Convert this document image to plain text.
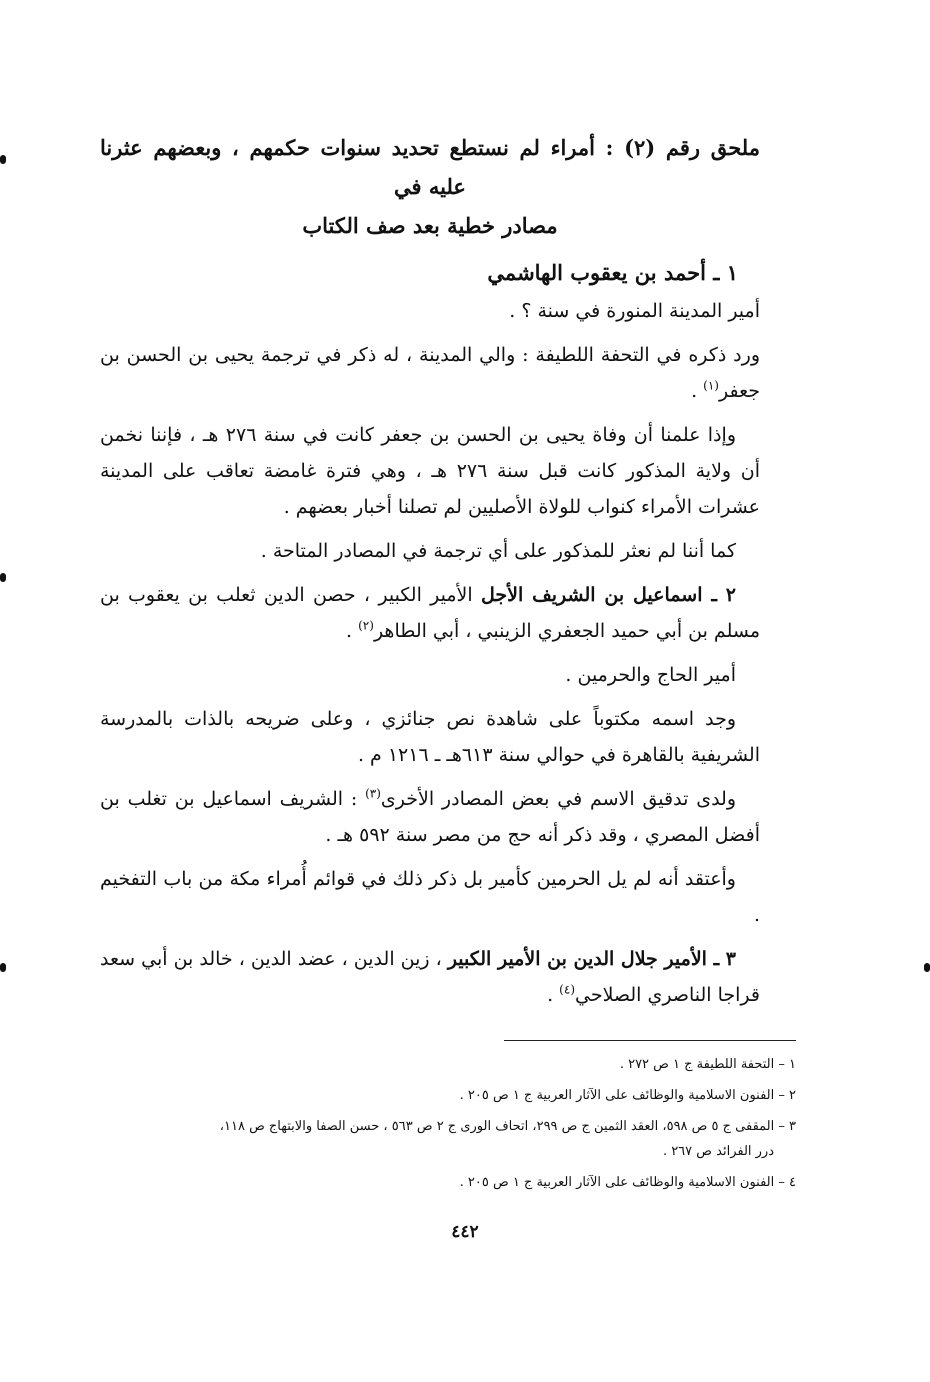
ملحق رقم (٢) : أمراء لم نستطع تحديد سنوات حكمهم ، وبعضهم عثرنا عليه في
مصادر خطية بعد صف الكتاب
١ ـ أحمد بن يعقوب الهاشمي

أمير المدينة المنورة في سنة ؟ .

ورد ذكره في التحفة اللطيفة : والي المدينة ، له ذكر في ترجمة يحيى بن الحسن بن جعفر$^{(١)}$ .

وإذا علمنا أن وفاة يحيى بن الحسن بن جعفر كانت في سنة ٢٧٦ هـ ، فإننا نخمن أن ولاية المذكور كانت قبل سنة ٢٧٦ هـ ، وهي فترة غامضة تعاقب على المدينة عشرات الأمراء كنواب للولاة الأصليين لم تصلنا أخبار بعضهم .

كما أننا لم نعثر للمذكور على أي ترجمة في المصادر المتاحة .

٢ ـ اسماعيل بن الشريف الأجل الأمير الكبير ، حصن الدين ثعلب بن يعقوب بن مسلم بن أبي حميد الجعفري الزينبي ، أبي الطاهر$^{(٢)}$ .

أمير الحاج والحرمين .

وجد اسمه مكتوباً على شاهدة نص جنائزي ، وعلى ضريحه بالذات بالمدرسة الشريفية بالقاهرة في حوالي سنة ٦١٣هـ ـ ١٢١٦ م .

ولدى تدقيق الاسم في بعض المصادر الأخرى$^{(٣)}$ : الشريف اسماعيل بن تغلب بن أفضل المصري ، وقد ذكر أنه حج من مصر سنة ٥٩٢ هـ .

وأعتقد أنه لم يل الحرمين كأمير بل ذكر ذلك في قوائم أُمراء مكة من باب التفخيم .

٣ ـ الأمير جلال الدين بن الأمير الكبير ، زين الدين ، عضد الدين ، خالد بن أبي سعد قراجا الناصري الصلاحي$^{(٤)}$ .

١ – التحفة اللطيفة ج ١ ص ٢٧٢ .
٢ – الفنون الاسلامية والوظائف على الآثار العربية ج ١ ص ٢٠٥ .
٣ – المقفى ج ٥ ص ٥٩٨، العقد الثمين ج ص ٢٩٩، اتحاف الورى ج ٢ ص ٥٦٣ ، حسن الصفا والابتهاج ص ١١٨،
درر الفرائد ص ٢٦٧ .
٤ – الفنون الاسلامية والوظائف على الآثار العربية ج ١ ص ٢٠٥ .
٤٤٢
